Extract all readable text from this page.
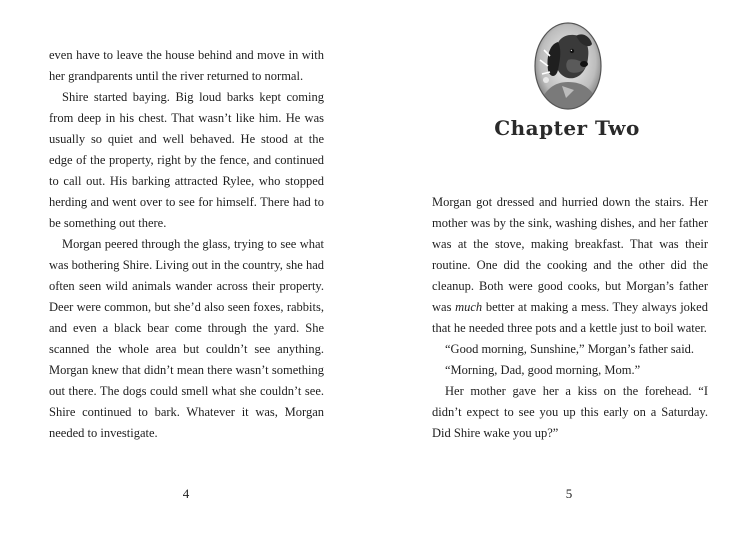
even have to leave the house behind and move in with her grandparents until the river returned to normal.

Shire started baying. Big loud barks kept coming from deep in his chest. That wasn’t like him. He was usually so quiet and well behaved. He stood at the edge of the property, right by the fence, and continued to call out. His barking attracted Rylee, who stopped herding and went over to see for himself. There had to be something out there.

Morgan peered through the glass, trying to see what was bothering Shire. Living out in the country, she had often seen wild animals wander across their property. Deer were common, but she’d also seen foxes, rabbits, and even a black bear come through the yard. She scanned the whole area but couldn’t see anything. Morgan knew that didn’t mean there wasn’t something out there. The dogs could smell what she couldn’t see. Shire continued to bark. Whatever it was, Morgan needed to investigate.

4
Chapter Two

Morgan got dressed and hurried down the stairs. Her mother was by the sink, washing dishes, and her father was at the stove, making breakfast. That was their routine. One did the cooking and the other did the cleanup. Both were good cooks, but Morgan’s father was much better at making a mess. They always joked that he needed three pots and a kettle just to boil water.

“Good morning, Sunshine,” Morgan’s father said.

“Morning, Dad, good morning, Mom.”

Her mother gave her a kiss on the forehead. “I didn’t expect to see you up this early on a Saturday. Did Shire wake you up?”

5
